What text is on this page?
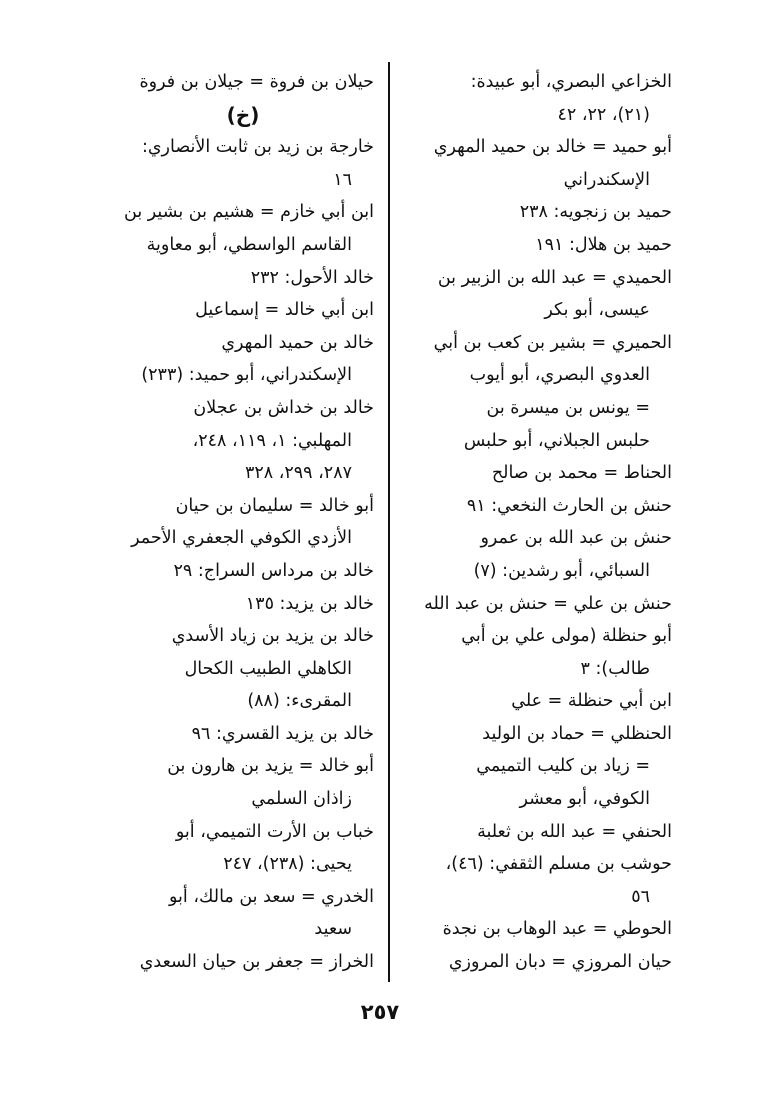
الخزاعي البصري، أبو عبيدة:
(٢١)، ٢٢، ٤٢
أبو حميد = خالد بن حميد المهري
الإسكندراني
حميد بن زنجويه: ٢٣٨
حميد بن هلال: ١٩١
الحميدي = عبد الله بن الزبير بن
عيسى، أبو بكر
الحميري = بشير بن كعب بن أبي
العدوي البصري، أبو أيوب
= يونس بن ميسرة بن
حلبس الجبلاني، أبو حلبس
الحناط = محمد بن صالح
حنش بن الحارث النخعي: ٩١
حنش بن عبد الله بن عمرو
السبائي، أبو رشدين: (٧)
حنش بن علي = حنش بن عبد الله
أبو حنظلة (مولى علي بن أبي
طالب): ٣
ابن أبي حنظلة = علي
الحنظلي = حماد بن الوليد
= زياد بن كليب التميمي
الكوفي، أبو معشر
الحنفي = عبد الله بن ثعلبة
حوشب بن مسلم الثقفي: (٤٦)،
٥٦
الحوطي = عبد الوهاب بن نجدة
حيان المروزي = دبان المروزي
حيلان بن فروة = جيلان بن فروة
(خ)
خارجة بن زيد بن ثابت الأنصاري:
١٦
ابن أبي خازم = هشيم بن بشير بن
القاسم الواسطي، أبو معاوية
خالد الأحول: ٢٣٢
ابن أبي خالد = إسماعيل
خالد بن حميد المهري
الإسكندراني، أبو حميد: (٢٣٣)
خالد بن خداش بن عجلان
المهلبي: ١، ١١٩، ٢٤٨،
٢٨٧، ٢٩٩، ٣٢٨
أبو خالد = سليمان بن حيان
الأزدي الكوفي الجعفري الأحمر
خالد بن مرداس السراج: ٢٩
خالد بن يزيد: ١٣٥
خالد بن يزيد بن زياد الأسدي
الكاهلي الطبيب الكحال
المقرىء: (٨٨)
خالد بن يزيد القسري: ٩٦
أبو خالد = يزيد بن هارون بن
زاذان السلمي
خباب بن الأرت التميمي، أبو
يحيى: (٢٣٨)، ٢٤٧
الخدري = سعد بن مالك، أبو
سعيد
الخراز = جعفر بن حيان السعدي
٢٥٧
